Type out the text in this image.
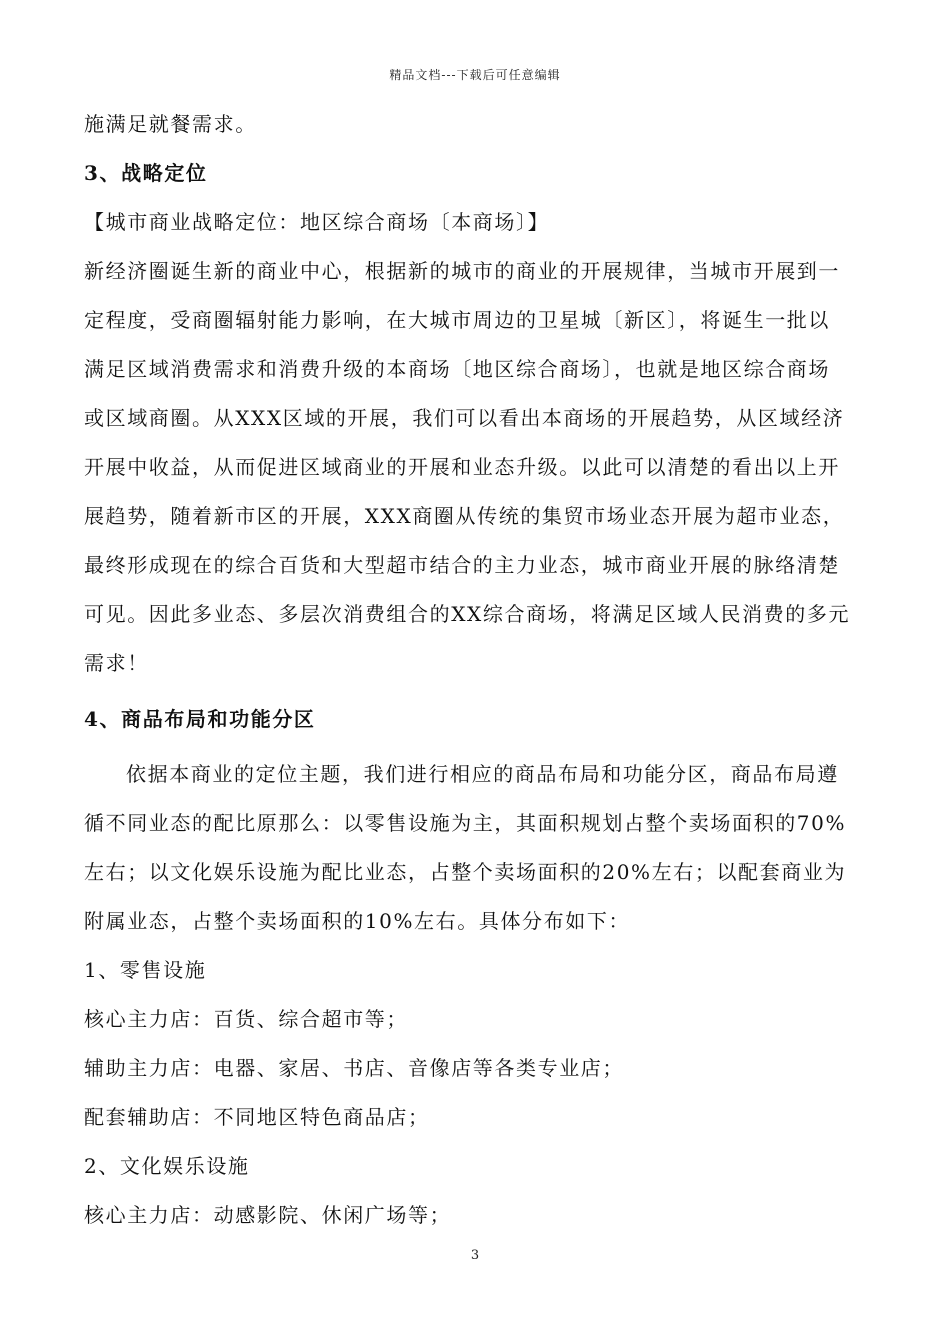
精品文档---下载后可任意编辑
施满足就餐需求。
3、战略定位
【城市商业战略定位：地区综合商场〔本商场〕】
新经济圈诞生新的商业中心，根据新的城市的商业的开展规律，当城市开展到一
定程度，受商圈辐射能力影响，在大城市周边的卫星城〔新区〕，将诞生一批以
满足区域消费需求和消费升级的本商场〔地区综合商场〕，也就是地区综合商场
或区域商圈。从XXX区域的开展，我们可以看出本商场的开展趋势，从区域经济
开展中收益，从而促进区域商业的开展和业态升级。以此可以清楚的看出以上开
展趋势，随着新市区的开展，XXX商圈从传统的集贸市场业态开展为超市业态，
最终形成现在的综合百货和大型超市结合的主力业态，城市商业开展的脉络清楚
可见。因此多业态、多层次消费组合的XX综合商场，将满足区域人民消费的多元
需求！
4、商品布局和功能分区
依据本商业的定位主题，我们进行相应的商品布局和功能分区，商品布局遵
循不同业态的配比原那么：以零售设施为主，其面积规划占整个卖场面积的70%
左右；以文化娱乐设施为配比业态，占整个卖场面积的20%左右；以配套商业为
附属业态，占整个卖场面积的10%左右。具体分布如下：
1、零售设施
核心主力店：百货、综合超市等；
辅助主力店：电器、家居、书店、音像店等各类专业店；
配套辅助店：不同地区特色商品店；
2、文化娱乐设施
核心主力店：动感影院、休闲广场等；
3
